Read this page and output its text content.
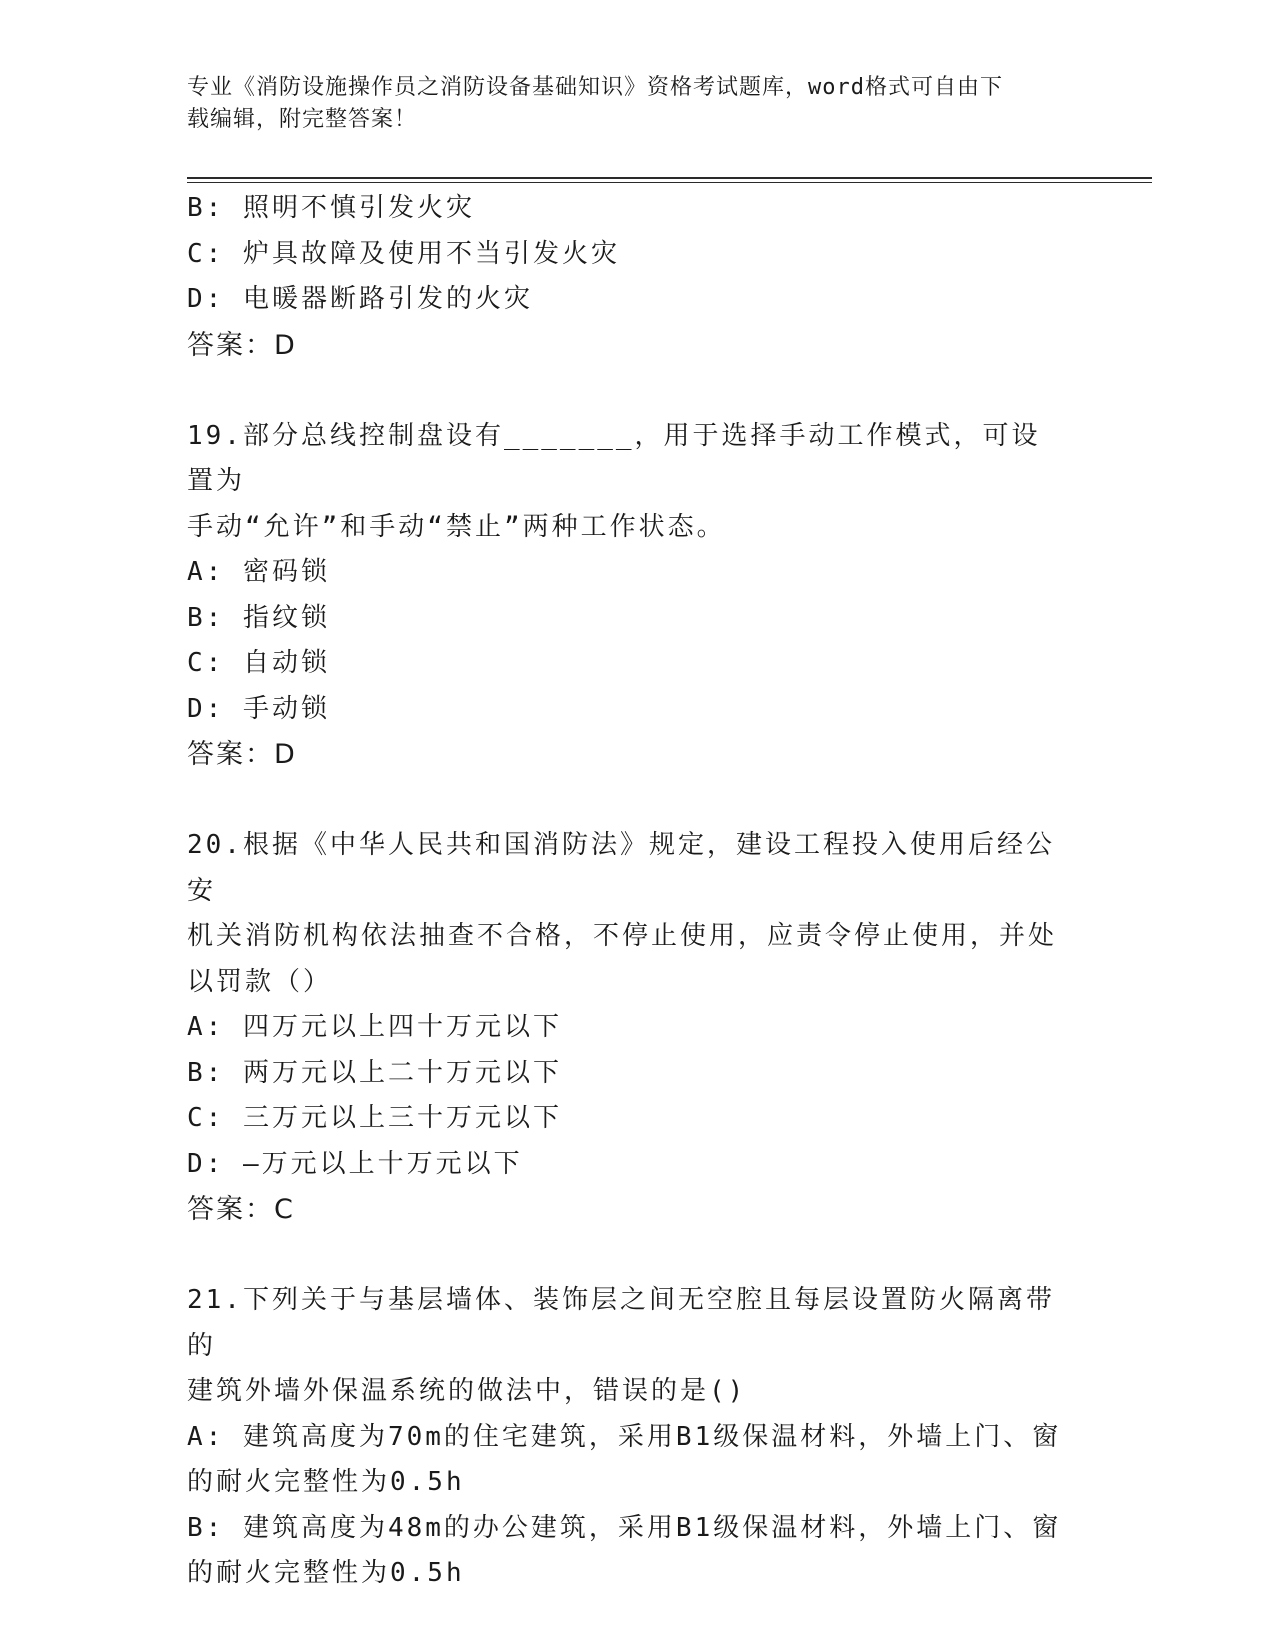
专业《消防设施操作员之消防设备基础知识》资格考试题库，word格式可自由下
载编辑，附完整答案！

B: 照明不慎引发火灾

C: 炉具故障及使用不当引发火灾

D: 电暖器断路引发的火灾

答案：D

19.部分总线控制盘设有_______，用于选择手动工作模式，可设置为

手动“允许”和手动“禁止”两种工作状态。

A: 密码锁

B: 指纹锁

C: 自动锁

D: 手动锁

答案：D

20.根据《中华人民共和国消防法》规定，建设工程投入使用后经公安

机关消防机构依法抽查不合格，不停止使用，应责令停止使用，并处

以罚款（）

A: 四万元以上四十万元以下

B: 两万元以上二十万元以下

C: 三万元以上三十万元以下

D: —万元以上十万元以下

答案：C

21.下列关于与基层墙体、装饰层之间无空腔且每层设置防火隔离带的

建筑外墙外保温系统的做法中，错误的是()

A: 建筑高度为70m的住宅建筑，采用B1级保温材料，外墙上门、窗

的耐火完整性为0.5h

B: 建筑高度为48m的办公建筑，采用B1级保温材料，外墙上门、窗

的耐火完整性为0.5h
